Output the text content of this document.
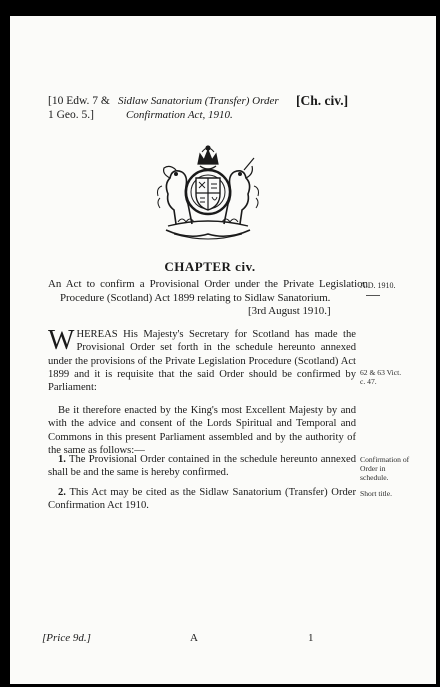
[10 Edw. 7 &
1 Geo. 5.]
Sidlaw Sanatorium (Transfer) Order
Confirmation Act, 1910.
[Ch. civ.]
CHAPTER civ.
An Act to confirm a Provisional Order under the Private Legislation Procedure (Scotland) Act 1899 relating to Sidlaw Sanatorium.
[3rd August 1910.]
A.D. 1910.
WHEREAS His Majesty's Secretary for Scotland has made the Provisional Order set forth in the schedule hereunto annexed under the provisions of the Private Legislation Procedure (Scotland) Act 1899 and it is requisite that the said Order should be confirmed by Parliament:
62 & 63 Vict. c. 47.
Be it therefore enacted by the King's most Excellent Majesty by and with the advice and consent of the Lords Spiritual and Temporal and Commons in this present Parliament assembled and by the authority of the same as follows:—
1. The Provisional Order contained in the schedule hereunto annexed shall be and the same is hereby confirmed.
Confirmation of Order in schedule.
2. This Act may be cited as the Sidlaw Sanatorium (Transfer) Order Confirmation Act 1910.
Short title.
[Price 9d.]	A	1
